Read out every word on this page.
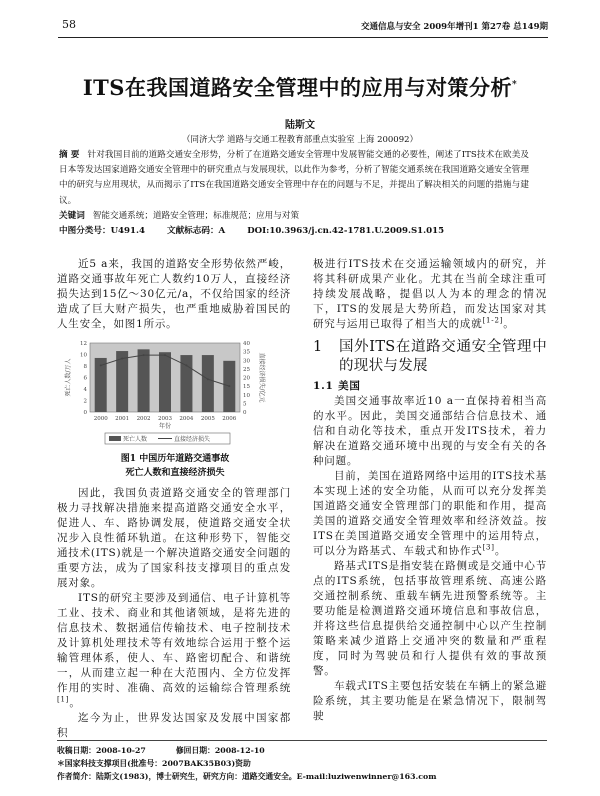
58	交通信息与安全 2009年增刊1 第27卷 总149期
ITS在我国道路安全管理中的应用与对策分析*
陆斯文
（同济大学 道路与交通工程教育部重点实验室 上海 200092）
摘 要 针对我国目前的道路交通安全形势，分析了在道路交通安全管理中发展智能交通的必要性，阐述了ITS技术在欧美及日本等发达国家道路交通安全管理中的研究重点与发展现状，以此作为参考，分析了智能交通系统在我国道路交通安全管理中的研究与应用现状，从而揭示了ITS在我国道路交通安全管理中存在的问题与不足，并提出了解决相关的问题的措施与建议。
关键词 智能交通系统；道路安全管理；标准规范；应用与对策
中图分类号：U491.4	文献标志码：A	DOI:10.3963/j.cn.42-1781.U.2009.S1.015

近5 a来，我国的道路安全形势依然严峻，道路交通事故年死亡人数约10万人，直接经济损失达到15亿～30亿元/a，不仅给国家的经济造成了巨大财产损失，也严重地威胁着国民的人生安全，如图1所示。

0
2
4
6
8
10
12
0
5
10
15
20
25
30
35
40
2000 2001 2002 2003 2004 2005 2006
年份
死亡人数/万人	直接经济损失/亿元
死亡人数	直接经济损失
图1 中国历年道路交通事故
死亡人数和直接经济损失

因此，我国负责道路交通安全的管理部门极力寻找解决措施来提高道路交通安全水平，促进人、车、路协调发展，使道路交通安全状况步入良性循环轨道。在这种形势下，智能交通技术(ITS)就是一个解决道路交通安全问题的重要方法，成为了国家科技支撑项目的重点发展对象。

ITS的研究主要涉及到通信、电子计算机等工业、技术、商业和其他诸领域，是将先进的信息技术、数据通信传输技术、电子控制技术及计算机处理技术等有效地综合运用于整个运输管理体系，使人、车、路密切配合、和谐统一，从而建立起一种在大范围内、全方位发挥作用的实时、准确、高效的运输综合管理系统[1]。

迄今为止，世界发达国家及发展中国家都积

极进行ITS技术在交通运输领域内的研究，并将其科研成果产业化。尤其在当前全球注重可持续发展战略，提倡以人为本的理念的情况下，ITS的发展是大势所趋，而发达国家对其研究与运用已取得了相当大的成就[1-2]。

1 国外ITS在道路交通安全管理中的现状与发展

1.1 美国

美国交通事故率近10 a一直保持着相当高的水平。因此，美国交通部结合信息技术、通信和自动化等技术，重点开发ITS技术，着力解决在道路交通环境中出现的与安全有关的各种问题。

目前，美国在道路网络中运用的ITS技术基本实现上述的安全功能，从而可以充分发挥美国道路交通安全管理部门的职能和作用，提高美国的道路交通安全管理效率和经济效益。按ITS在美国道路交通安全管理中的运用特点，可以分为路基式、车载式和协作式[3]。

路基式ITS是指安装在路侧或是交通中心节点的ITS系统，包括事故管理系统、高速公路交通控制系统、重载车辆先进预警系统等。主要功能是检测道路交通环境信息和事故信息，并将这些信息提供给交通控制中心以产生控制策略来减少道路上交通冲突的数量和严重程度，同时为驾驶员和行人提供有效的事故预警。

车载式ITS主要包括安装在车辆上的紧急避险系统，其主要功能是在紧急情况下，限制驾驶

收稿日期：2008-10-27	修回日期：2008-12-10
＊国家科技支撑项目(批准号：2007BAK35B03)资助
作者简介：陆斯文(1983)，博士研究生，研究方向：道路交通安全。E-mail:luziwenwinner@163.com
